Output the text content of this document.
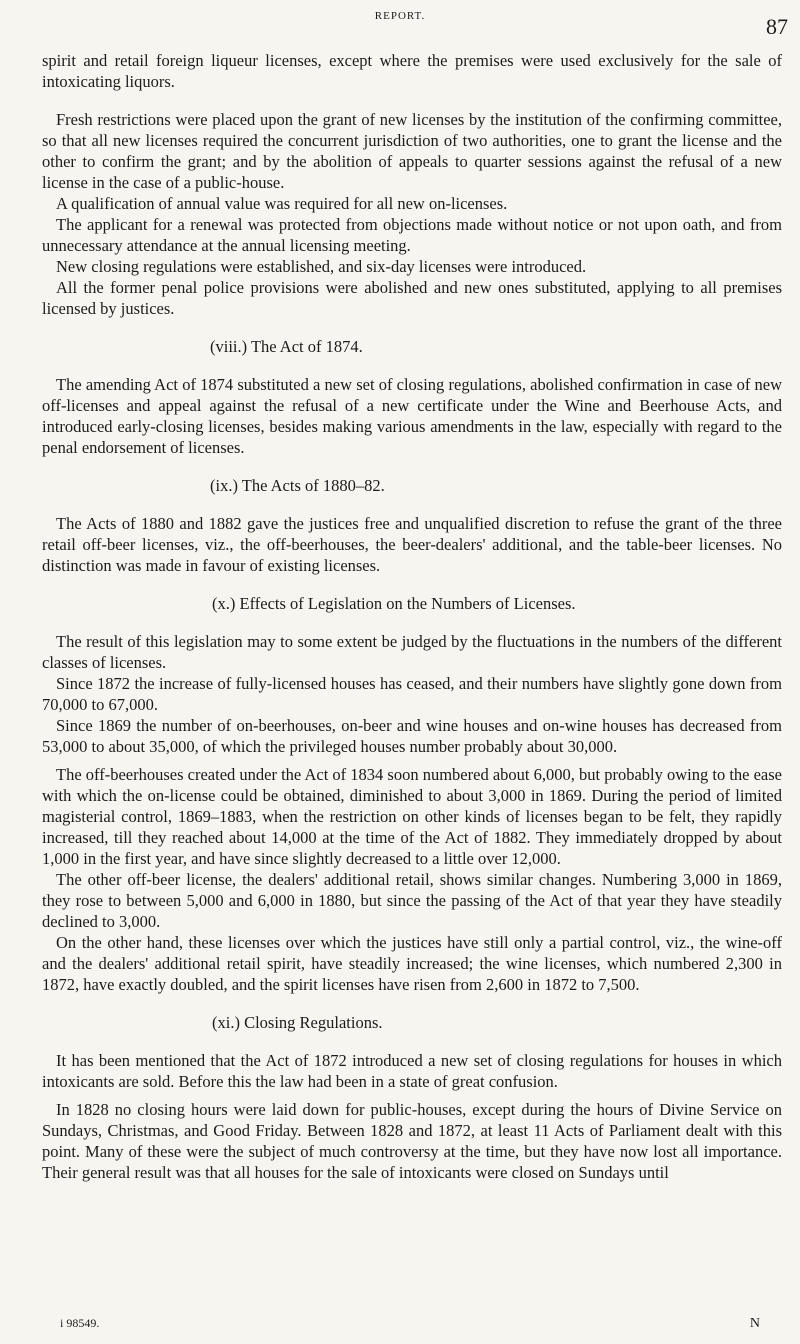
REPORT.	87

spirit and retail foreign liqueur licenses, except where the premises were used exclusively for the sale of intoxicating liquors.

Fresh restrictions were placed upon the grant of new licenses by the institution of the confirming committee, so that all new licenses required the concurrent jurisdiction of two authorities, one to grant the license and the other to confirm the grant; and by the abolition of appeals to quarter sessions against the refusal of a new license in the case of a public-house.

A qualification of annual value was required for all new on-licenses.

The applicant for a renewal was protected from objections made without notice or not upon oath, and from unnecessary attendance at the annual licensing meeting.

New closing regulations were established, and six-day licenses were introduced.

All the former penal police provisions were abolished and new ones substituted, applying to all premises licensed by justices.

(viii.) The Act of 1874.

The amending Act of 1874 substituted a new set of closing regulations, abolished confirmation in case of new off-licenses and appeal against the refusal of a new certificate under the Wine and Beerhouse Acts, and introduced early-closing licenses, besides making various amendments in the law, especially with regard to the penal endorsement of licenses.

(ix.) The Acts of 1880–82.

The Acts of 1880 and 1882 gave the justices free and unqualified discretion to refuse the grant of the three retail off-beer licenses, viz., the off-beerhouses, the beer-dealers' additional, and the table-beer licenses. No distinction was made in favour of existing licenses.

(x.) Effects of Legislation on the Numbers of Licenses.

The result of this legislation may to some extent be judged by the fluctuations in the numbers of the different classes of licenses.

Since 1872 the increase of fully-licensed houses has ceased, and their numbers have slightly gone down from 70,000 to 67,000.

Since 1869 the number of on-beerhouses, on-beer and wine houses and on-wine houses has decreased from 53,000 to about 35,000, of which the privileged houses number probably about 30,000.

The off-beerhouses created under the Act of 1834 soon numbered about 6,000, but probably owing to the ease with which the on-license could be obtained, diminished to about 3,000 in 1869. During the period of limited magisterial control, 1869–1883, when the restriction on other kinds of licenses began to be felt, they rapidly increased, till they reached about 14,000 at the time of the Act of 1882. They immediately dropped by about 1,000 in the first year, and have since slightly decreased to a little over 12,000.

The other off-beer license, the dealers' additional retail, shows similar changes. Numbering 3,000 in 1869, they rose to between 5,000 and 6,000 in 1880, but since the passing of the Act of that year they have steadily declined to 3,000.

On the other hand, these licenses over which the justices have still only a partial control, viz., the wine-off and the dealers' additional retail spirit, have steadily increased; the wine licenses, which numbered 2,300 in 1872, have exactly doubled, and the spirit licenses have risen from 2,600 in 1872 to 7,500.

(xi.) Closing Regulations.

It has been mentioned that the Act of 1872 introduced a new set of closing regulations for houses in which intoxicants are sold. Before this the law had been in a state of great confusion.

In 1828 no closing hours were laid down for public-houses, except during the hours of Divine Service on Sundays, Christmas, and Good Friday. Between 1828 and 1872, at least 11 Acts of Parliament dealt with this point. Many of these were the subject of much controversy at the time, but they have now lost all importance. Their general result was that all houses for the sale of intoxicants were closed on Sundays until

i 98549.	N
